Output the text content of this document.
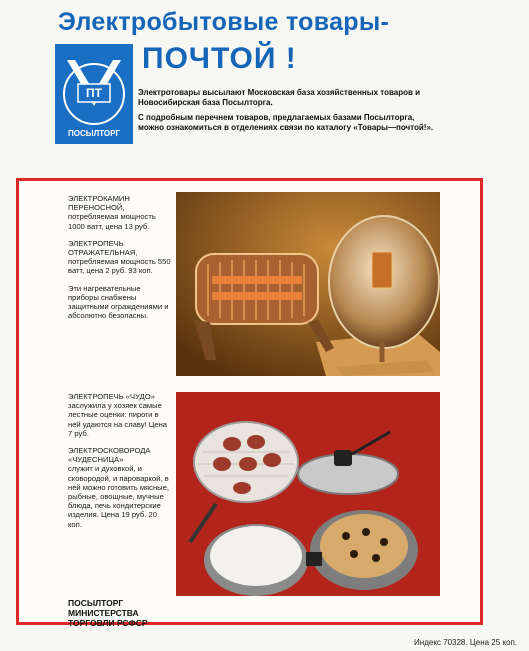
Электробытовые товары-
ПОЧТОЙ !
ПТ
ПОСЫЛТОРГ

Электротовары высылают Московская база хозяйственных товаров и Новосибирская база Посылторга.

С подробным перечнем товаров, предлагаемых базами Посылторга, можно ознакомиться в отделениях связи по каталогу «Товары—почтой!».

ЭЛЕКТРОКАМИН ПЕРЕНОСНОЙ,
потребляемая мощность 1000 ватт, цена 13 руб.
ЭЛЕКТРОПЕЧЬ ОТРАЖАТЕЛЬНАЯ,
потребляемая мощность 550 ватт, цена 2 руб. 93 коп.
Эти нагревательные приборы снабжены защитными ограждениями и абсолютно безопасны.
ЭЛЕКТРОПЕЧЬ «ЧУДО»
заслужила у хозяек самые лестные оценки: пироги в ней удаются на славу! Цена 7 руб.
ЭЛЕКТРОСКОВОРОДА «ЧУДЕСНИЦА»
служит и духовкой, и сковородой, и пароваркой, в ней можно готовить мясные, рыбные, овощные, мучные блюда, печь кондитерские изделия. Цена 19 руб. 20 коп.
ПОСЫЛТОРГ МИНИСТЕРСТВА ТОРГОВЛИ РСФСР
Индекс 70328. Цена 25 коп.
